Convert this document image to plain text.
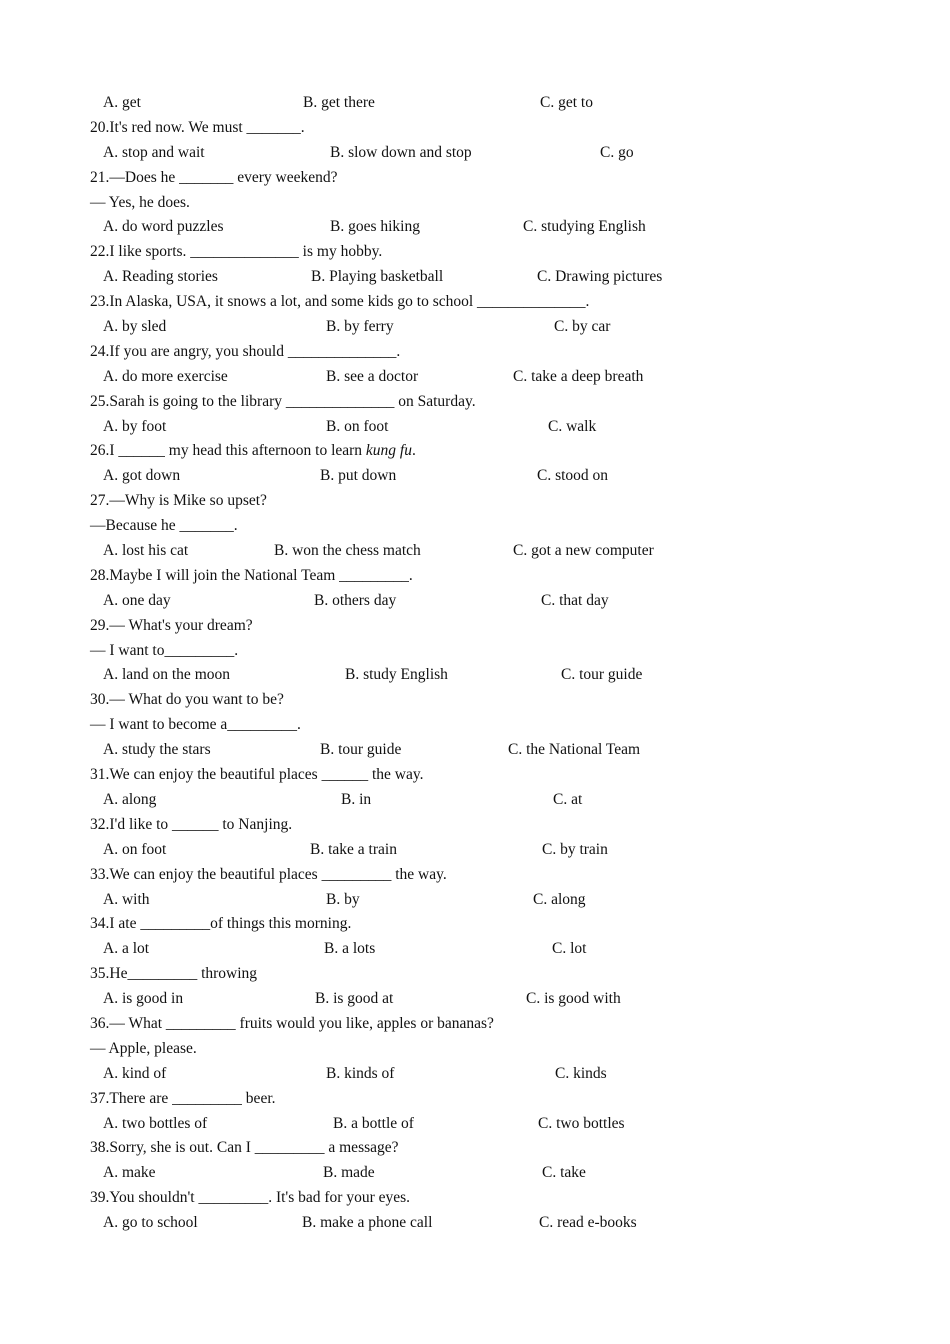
A. get	B. get there	C. get to
20.It's red now. We must _______.
A. stop and wait	B. slow down and stop	C. go
21.—Does he _______ every weekend?
— Yes, he does.
A. do word puzzles	B. goes hiking	C. studying English
22.I like sports. ______________ is my hobby.
A. Reading stories	B. Playing basketball	C. Drawing pictures
23.In Alaska, USA, it snows a lot, and some kids go to school ______________.
A. by sled	B. by ferry	C. by car
24.If you are angry, you should ______________.
A. do more exercise	B. see a doctor	C. take a deep breath
25.Sarah is going to the library ______________ on Saturday.
A. by foot	B. on foot	C. walk
26.I ______ my head this afternoon to learn kung fu.
A. got down	B. put down	C. stood on
27.—Why is Mike so upset?
—Because he _______.
A. lost his cat	B. won the chess match	C. got a new computer
28.Maybe I will join the National Team _________.
A. one day	B. others day	C. that day
29.— What's your dream?
— I want to_________.
A. land on the moon	B. study English	C. tour guide
30.— What do you want to be?
— I want to become a_________.
A. study the stars	B. tour guide	C. the National Team
31.We can enjoy the beautiful places ______ the way.
A. along	B. in	C. at
32.I'd like to ______ to Nanjing.
A. on foot	B. take a train	C. by train
33.We can enjoy the beautiful places _________ the way.
A. with	B. by	C. along
34.I ate _________of things this morning.
A. a lot	B. a lots	C. lot
35.He_________ throwing
A. is good in	B. is good at	C. is good with
36.— What _________ fruits would you like, apples or bananas?
— Apple, please.
A. kind of	B. kinds of	C. kinds
37.There are _________ beer.
A. two bottles of	B. a bottle of	C. two bottles
38.Sorry, she is out. Can I _________ a message?
A. make	B. made	C. take
39.You shouldn't _________. It's bad for your eyes.
A. go to school	B. make a phone call	C. read e-books
